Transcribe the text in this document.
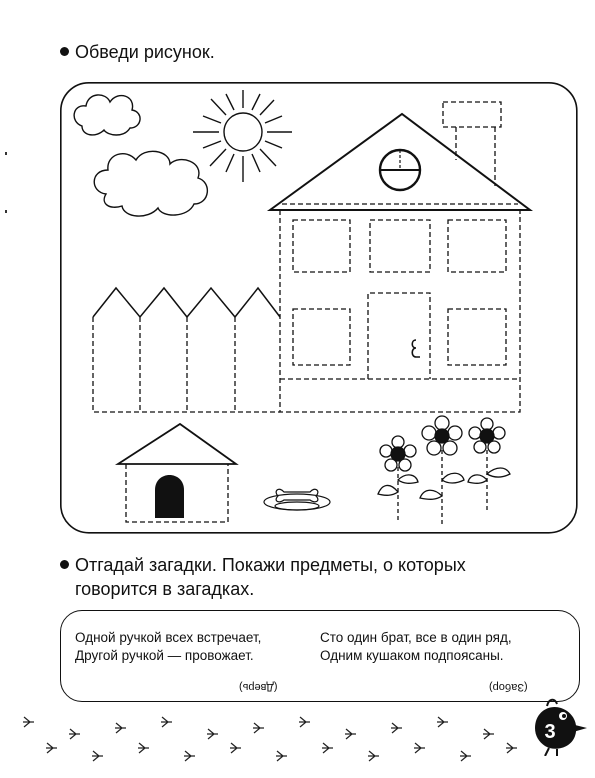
Обведи рисунок.
Отгадай загадки. Покажи предметы, о которых
говорится в загадках.
Одной ручкой всех встречает,
Другой ручкой — провожает.
(Дверь)
Сто один брат, все в один ряд,
Одним кушаком подпоясаны.
(Забор)
3
